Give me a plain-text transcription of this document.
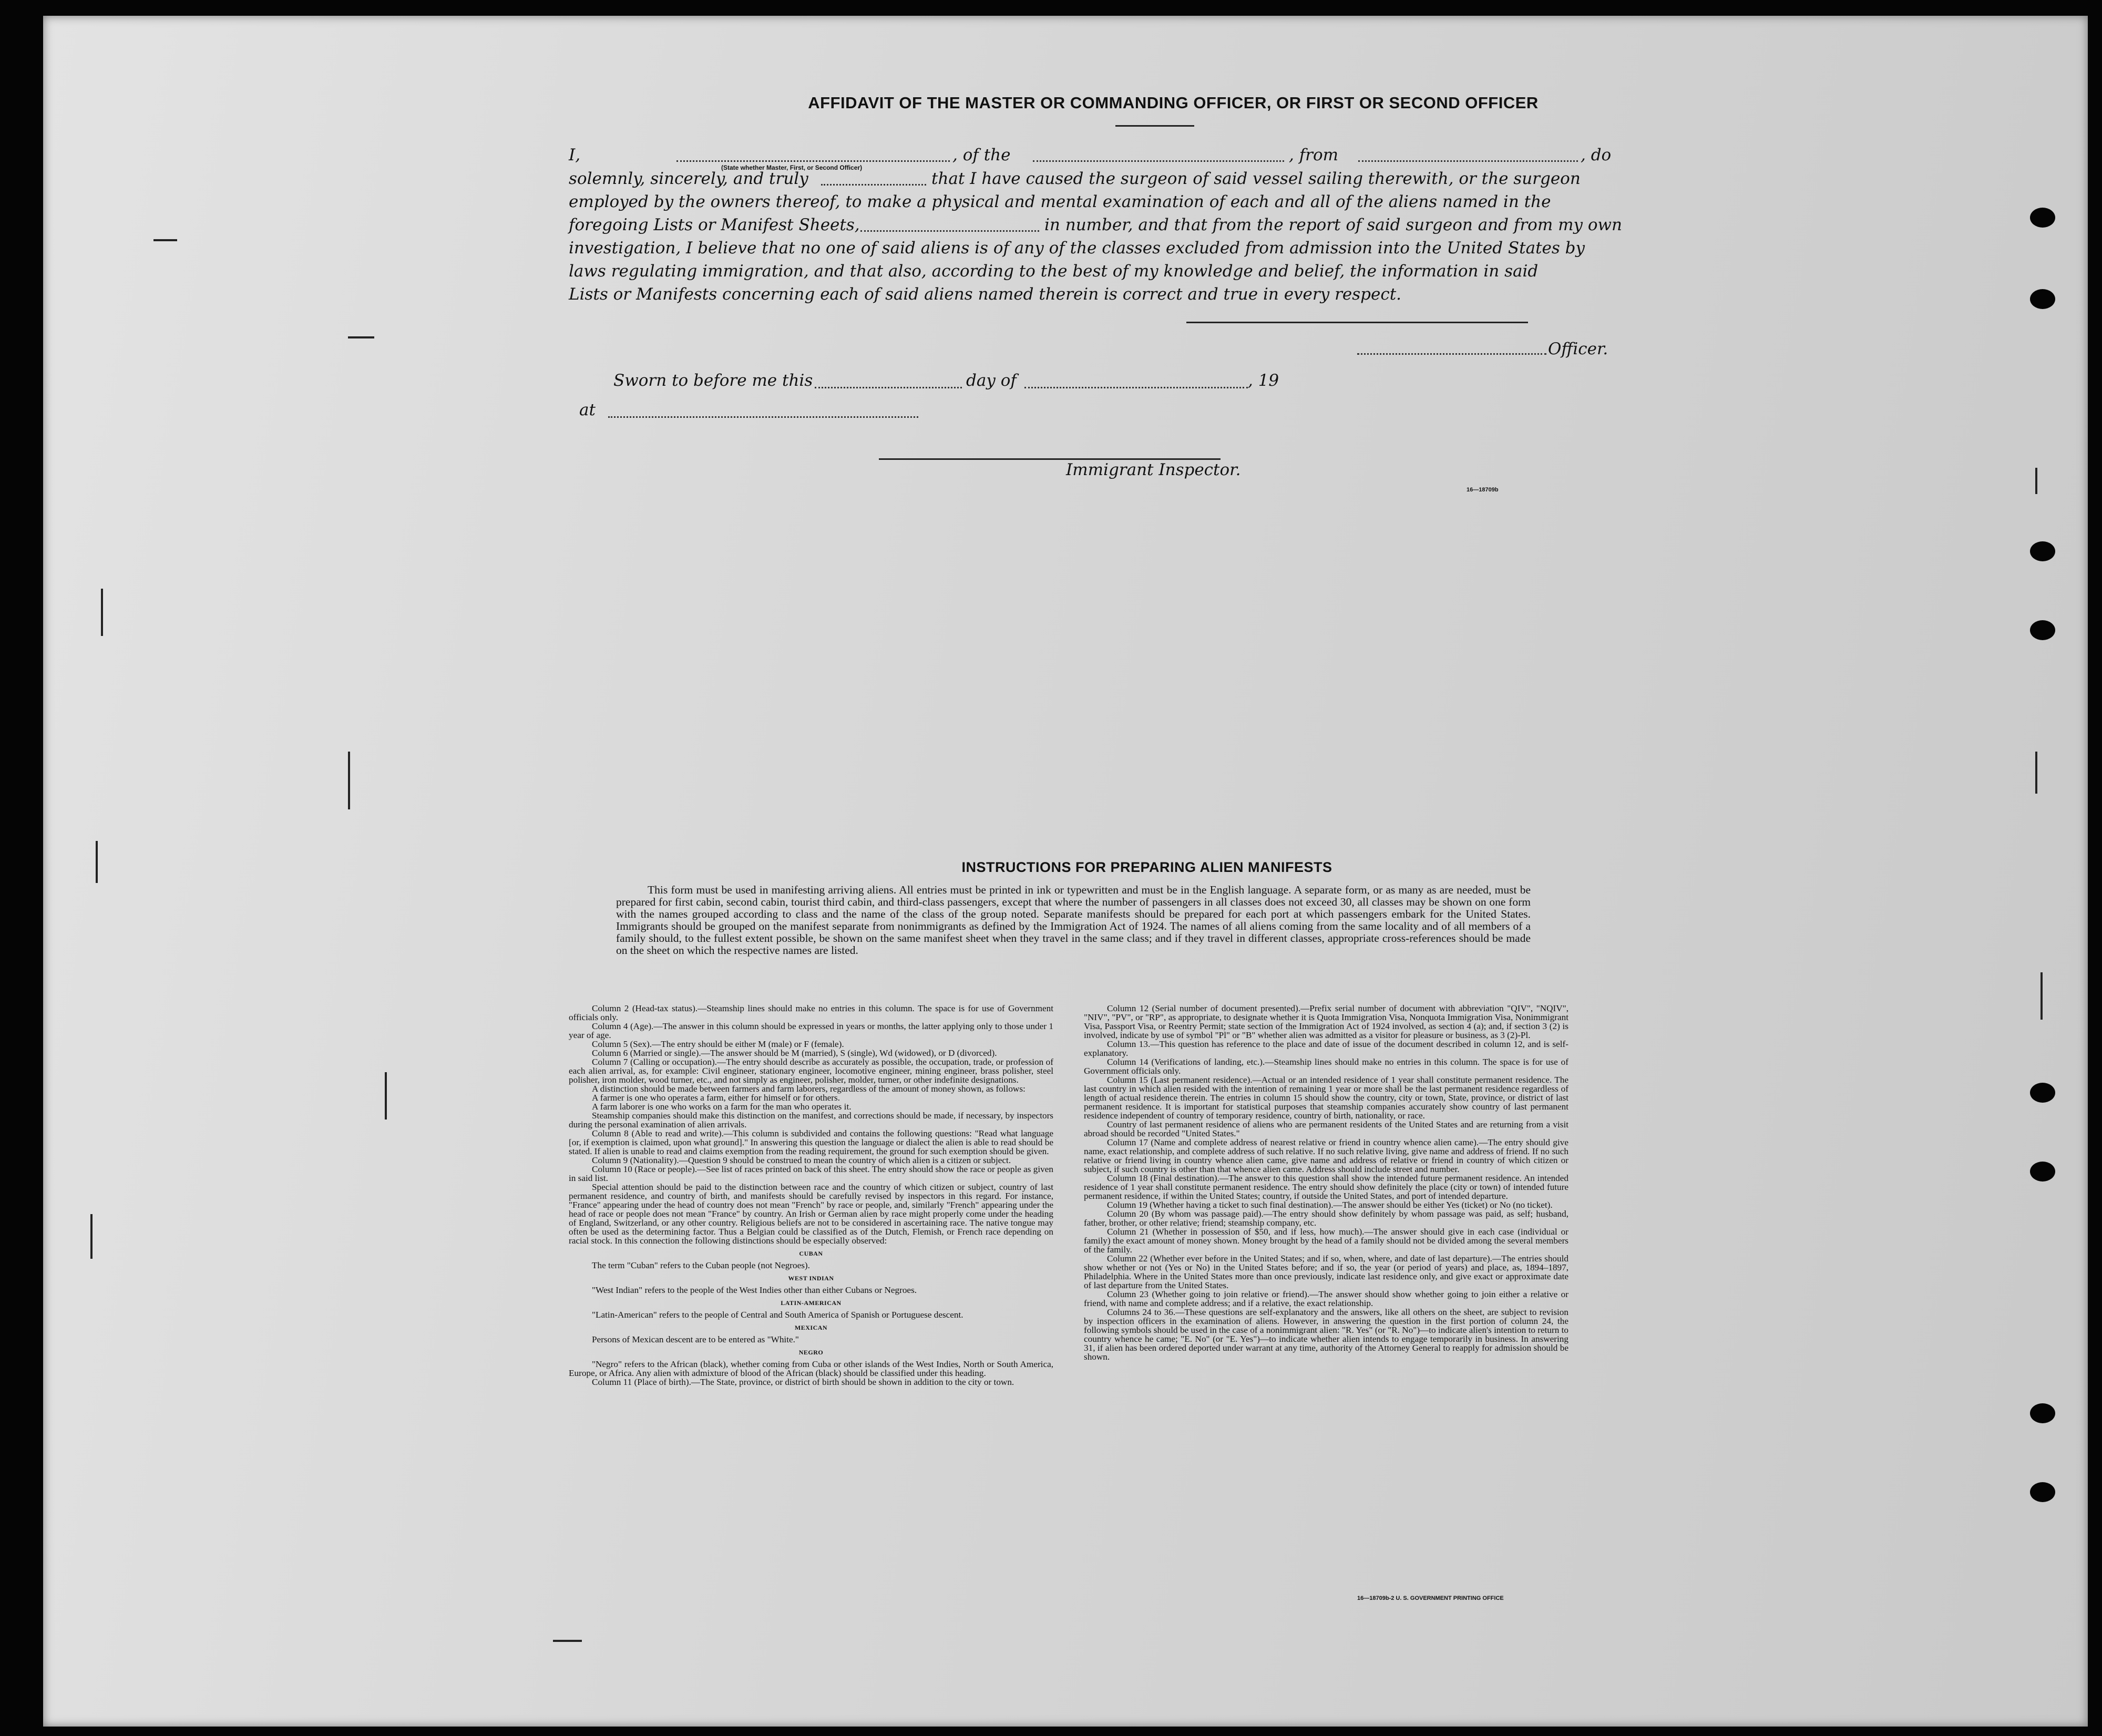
AFFIDAVIT OF THE MASTER OR COMMANDING OFFICER, OR FIRST OR SECOND OFFICER
I,	, of the	, from	, do
(State whether Master, First, or Second Officer)
solemnly, sincerely, and truly	that I have caused the surgeon of said vessel sailing therewith, or the surgeon
employed by the owners thereof, to make a physical and mental examination of each and all of the aliens named in the
foregoing Lists or Manifest Sheets,	in number, and that from the report of said surgeon and from my own
investigation, I believe that no one of said aliens is of any of the classes excluded from admission into the United States by
laws regulating immigration, and that also, according to the best of my knowledge and belief, the information in said
Lists or Manifests concerning each of said aliens named therein is correct and true in every respect.
Officer.
Sworn to before me this	day of	, 19
at
Immigrant Inspector.
16—18709b
INSTRUCTIONS FOR PREPARING ALIEN MANIFESTS
This form must be used in manifesting arriving aliens. All entries must be printed in ink or typewritten and must be in the English language. A separate form, or as many as are needed, must be prepared for first cabin, second cabin, tourist third cabin, and third-class passengers, except that where the number of passengers in all classes does not exceed 30, all classes may be shown on one form with the names grouped according to class and the name of the class of the group noted. Separate manifests should be prepared for each port at which passengers embark for the United States. Immigrants should be grouped on the manifest separate from nonimmigrants as defined by the Immigration Act of 1924. The names of all aliens coming from the same locality and of all members of a family should, to the fullest extent possible, be shown on the same manifest sheet when they travel in the same class; and if they travel in different classes, appropriate cross-references should be made on the sheet on which the respective names are listed.

Column 2 (Head-tax status).—Steamship lines should make no entries in this column. The space is for use of Government officials only.

Column 4 (Age).—The answer in this column should be expressed in years or months, the latter applying only to those under 1 year of age.

Column 5 (Sex).—The entry should be either M (male) or F (female).

Column 6 (Married or single).—The answer should be M (married), S (single), Wd (widowed), or D (divorced).

Column 7 (Calling or occupation).—The entry should describe as accurately as possible, the occupation, trade, or profession of each alien arrival, as, for example: Civil engineer, stationary engineer, locomotive engineer, mining engineer, brass polisher, steel polisher, iron molder, wood turner, etc., and not simply as engineer, polisher, molder, turner, or other indefinite designations.

A distinction should be made between farmers and farm laborers, regardless of the amount of money shown, as follows:

A farmer is one who operates a farm, either for himself or for others.

A farm laborer is one who works on a farm for the man who operates it.

Steamship companies should make this distinction on the manifest, and corrections should be made, if necessary, by inspectors during the personal examination of alien arrivals.

Column 8 (Able to read and write).—This column is subdivided and contains the following questions: "Read what language [or, if exemption is claimed, upon what ground]." In answering this question the language or dialect the alien is able to read should be stated. If alien is unable to read and claims exemption from the reading requirement, the ground for such exemption should be given.

Column 9 (Nationality).—Question 9 should be construed to mean the country of which alien is a citizen or subject.

Column 10 (Race or people).—See list of races printed on back of this sheet. The entry should show the race or people as given in said list.

Special attention should be paid to the distinction between race and the country of which citizen or subject, country of last permanent residence, and country of birth, and manifests should be carefully revised by inspectors in this regard. For instance, "France" appearing under the head of country does not mean "French" by race or people, and, similarly "French" appearing under the head of race or people does not mean "France" by country. An Irish or German alien by race might properly come under the heading of England, Switzerland, or any other country. Religious beliefs are not to be considered in ascertaining race. The native tongue may often be used as the determining factor. Thus a Belgian could be classified as of the Dutch, Flemish, or French race depending on racial stock. In this connection the following distinctions should be especially observed:

CUBAN

The term "Cuban" refers to the Cuban people (not Negroes).

WEST INDIAN

"West Indian" refers to the people of the West Indies other than either Cubans or Negroes.

LATIN-AMERICAN

"Latin-American" refers to the people of Central and South America of Spanish or Portuguese descent.

MEXICAN

Persons of Mexican descent are to be entered as "White."

NEGRO

"Negro" refers to the African (black), whether coming from Cuba or other islands of the West Indies, North or South America, Europe, or Africa. Any alien with admixture of blood of the African (black) should be classified under this heading.

Column 11 (Place of birth).—The State, province, or district of birth should be shown in addition to the city or town.

Column 12 (Serial number of document presented).—Prefix serial number of document with abbreviation "QIV", "NQIV", "NIV", "PV", or "RP", as appropriate, to designate whether it is Quota Immigration Visa, Nonquota Immigration Visa, Nonimmigrant Visa, Passport Visa, or Reentry Permit; state section of the Immigration Act of 1924 involved, as section 4 (a); and, if section 3 (2) is involved, indicate by use of symbol "Pl" or "B" whether alien was admitted as a visitor for pleasure or business, as 3 (2)-Pl.

Column 13.—This question has reference to the place and date of issue of the document described in column 12, and is self-explanatory.

Column 14 (Verifications of landing, etc.).—Steamship lines should make no entries in this column. The space is for use of Government officials only.

Column 15 (Last permanent residence).—Actual or an intended residence of 1 year shall constitute permanent residence. The last country in which alien resided with the intention of remaining 1 year or more shall be the last permanent residence regardless of length of actual residence therein. The entries in column 15 should show the country, city or town, State, province, or district of last permanent residence. It is important for statistical purposes that steamship companies accurately show country of last permanent residence independent of country of temporary residence, country of birth, nationality, or race.

Country of last permanent residence of aliens who are permanent residents of the United States and are returning from a visit abroad should be recorded "United States."

Column 17 (Name and complete address of nearest relative or friend in country whence alien came).—The entry should give name, exact relationship, and complete address of such relative. If no such relative living, give name and address of friend. If no such relative or friend living in country whence alien came, give name and address of relative or friend in country of which citizen or subject, if such country is other than that whence alien came. Address should include street and number.

Column 18 (Final destination).—The answer to this question shall show the intended future permanent residence. An intended residence of 1 year shall constitute permanent residence. The entry should show definitely the place (city or town) of intended future permanent residence, if within the United States; country, if outside the United States, and port of intended departure.

Column 19 (Whether having a ticket to such final destination).—The answer should be either Yes (ticket) or No (no ticket).

Column 20 (By whom was passage paid).—The entry should show definitely by whom passage was paid, as self; husband, father, brother, or other relative; friend; steamship company, etc.

Column 21 (Whether in possession of $50, and if less, how much).—The answer should give in each case (individual or family) the exact amount of money shown. Money brought by the head of a family should not be divided among the several members of the family.

Column 22 (Whether ever before in the United States; and if so, when, where, and date of last departure).—The entries should show whether or not (Yes or No) in the United States before; and if so, the year (or period of years) and place, as, 1894–1897, Philadelphia. Where in the United States more than once previously, indicate last residence only, and give exact or approximate date of last departure from the United States.

Column 23 (Whether going to join relative or friend).—The answer should show whether going to join either a relative or friend, with name and complete address; and if a relative, the exact relationship.

Columns 24 to 36.—These questions are self-explanatory and the answers, like all others on the sheet, are subject to revision by inspection officers in the examination of aliens. However, in answering the question in the first portion of column 24, the following symbols should be used in the case of a nonimmigrant alien: "R. Yes" (or "R. No")—to indicate alien's intention to return to country whence he came; "E. No" (or "E. Yes")—to indicate whether alien intends to engage temporarily in business. In answering 31, if alien has been ordered deported under warrant at any time, authority of the Attorney General to reapply for admission should be shown.

16—18709b-2 U. S. GOVERNMENT PRINTING OFFICE
